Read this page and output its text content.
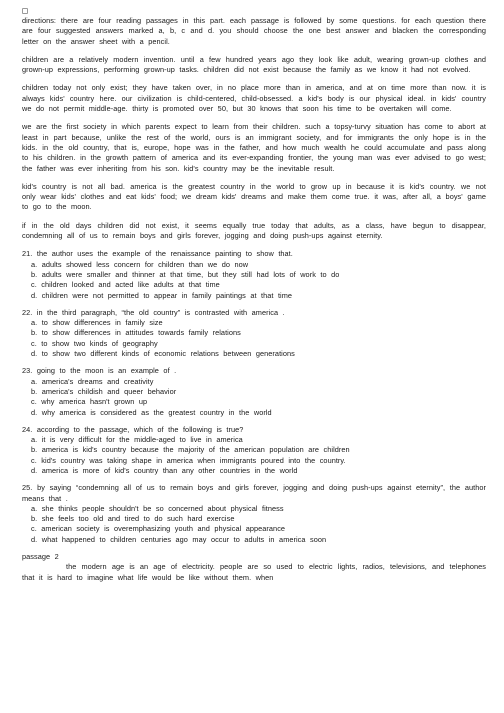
directions: there are four reading passages in this part. each passage is followed by some questions. for each question there are four suggested answers marked a, b, c and d. you should choose the one best answer and blacken the corresponding letter on the answer sheet with a pencil.

children are a relatively modern invention. until a few hundred years ago they look like adult, wearing grown-up clothes and grown-up expressions, performing grown-up tasks. children did not exist because the family as we know it had not evolved.

children today not only exist; they have taken over, in no place more than in america, and at on time more than now. it is always kids' country here. our civilization is child-centered, child-obsessed. a kid's body is our physical ideal. in kids' country we do not permit middle-age. thirty is promoted over 50, but 30 knows that soon his time to be overtaken will come.

we are the first society in which parents expect to learn from their children. such a topsy-turvy situation has come to abort at least in part because, unlike the rest of the world, ours is an immigrant society, and for immigrants the only hope is in the kids. in the old country, that is, europe, hope was in the father, and how much wealth he could accumulate and pass along to his children. in the growth pattern of america and its ever-expanding frontier, the young man was ever advised to go west; the father was ever inheriting from his son. kid's country may be the inevitable result.

kid's country is not all bad. america is the greatest country in the world to grow up in because it is kid's country. we not only wear kids' clothes and eat kids' food; we dream kids' dreams and make them come true. it was, after all, a boys' game to go to the moon.

if in the old days children did not exist, it seems equally true today that adults, as a class, have begun to disappear, condemning all of us to remain boys and girls forever, jogging and doing push-ups against eternity.

21. the author uses the example of the renaissance painting to show that.
a. adults showed less concern for children than we do now
b. adults were smaller and thinner at that time, but they still had lots of work to do
c. children looked and acted like adults at that time
d. children were not permitted to appear in family paintings at that time
22. in the third paragraph, “the old country” is contrasted with america .
a. to show differences in family size
b. to show differences in attitudes towards family relations
c. to show two kinds of geography
d. to show two different kinds of economic relations between generations
23. going to the moon is an example of .
a. america's dreams and creativity
b. america's childish and queer behavior
c. why america hasn't grown up
d. why america is considered as the greatest country in the world
24. according to the passage, which of the following is true?
a. it is very difficult for the middle-aged to live in america
b. america is kid's country because the majority of the american population are children
c. kid's country was taking shape in america when immigrants poured into the country.
d. america is more of kid's country than any other countries in the world
25. by saying “condemning all of us to remain boys and girls forever, jogging and doing push-ups against eternity”, the author means that .
a. she thinks people shouldn't be so concerned about physical fitness
b. she feels too old and tired to do such hard exercise
c. american society is overemphasizing youth and physical appearance
d. what happened to children centuries ago may occur to adults in america soon
passage 2

the modern age is an age of electricity. people are so used to electric lights, radios, televisions, and telephones that it is hard to imagine what life would be like without them. when
